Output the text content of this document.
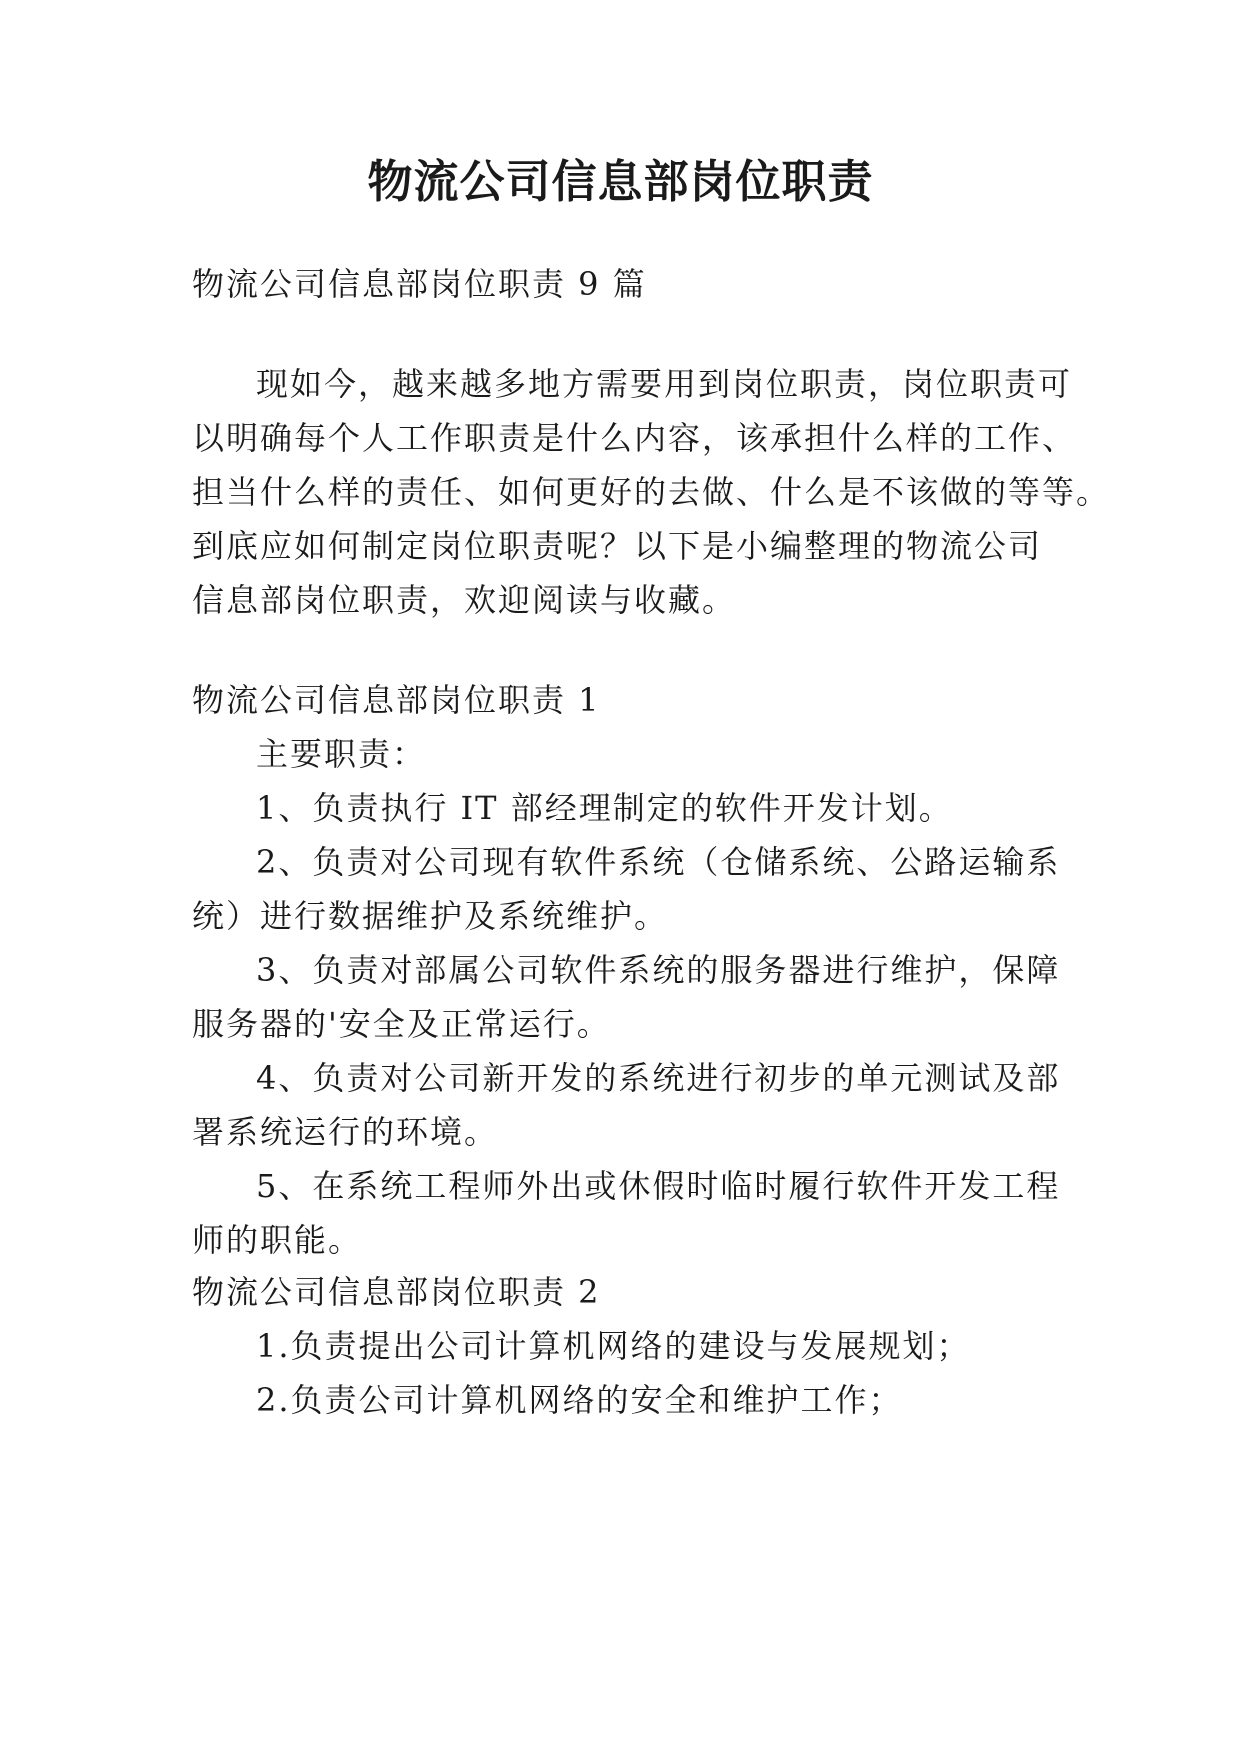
物流公司信息部岗位职责
物流公司信息部岗位职责 9 篇
现如今，越来越多地方需要用到岗位职责，岗位职责可
以明确每个人工作职责是什么内容，该承担什么样的工作、
担当什么样的责任、如何更好的去做、什么是不该做的等等。
到底应如何制定岗位职责呢？以下是小编整理的物流公司
信息部岗位职责，欢迎阅读与收藏。
物流公司信息部岗位职责 1
主要职责：
1、负责执行 IT 部经理制定的软件开发计划。
2、负责对公司现有软件系统（仓储系统、公路运输系
统）进行数据维护及系统维护。
3、负责对部属公司软件系统的服务器进行维护，保障
服务器的'安全及正常运行。
4、负责对公司新开发的系统进行初步的单元测试及部
署系统运行的环境。
5、在系统工程师外出或休假时临时履行软件开发工程
师的职能。
物流公司信息部岗位职责 2
1.负责提出公司计算机网络的建设与发展规划；
2.负责公司计算机网络的安全和维护工作；
